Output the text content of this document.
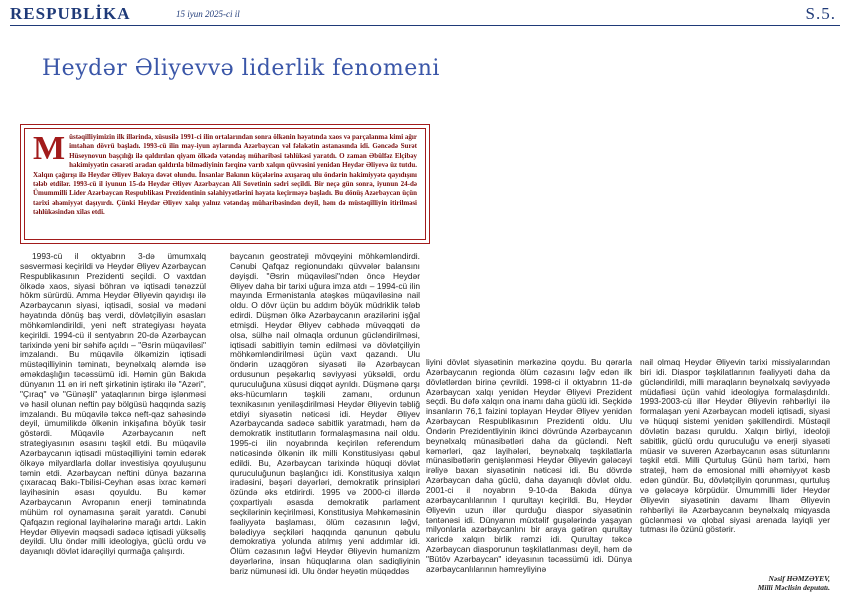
RESPUBLİKA	15 iyun 2025-ci il	S.5.
Heydər Əliyevvə liderlik fenomeni
Müstəqilliyimizin ilk illərində, xüsusilə 1991-ci ilin ortalarından sonra ölkənin həyatında xaos və parçalanma kimi ağır imtahan dövrü başladı. 1993-cü ilin may-iyun aylarında Azərbaycan vəl fəlakətin astanasında idi. Gəncədə Surət Hüseynovun başçılığı ilə qaldırılan qiyam ölkədə vətəndaş müharibəsi təhlükəsi yaratdı. O zaman Əbülfəz Elçibəy hakimiyyətin cəsarəti aradan qaldırıla bilmədiyinin fərqinə varıb xalqın qüvvəsini yenidən Heydər Əliyevə üz tutdu. Xalqın çağırışı ilə Heydər Əliyev Bakıya dəvət olundu. İnsanlar Bakının küçələrinə axışaraq ulu öndərin hakimiyyətə qayıdışını tələb etdilər. 1993-cü il iyunun 15-də Heydər Əliyev Azərbaycan Ali Sovetinin sədri seçildi. Bir neçə gün sonra, iyunun 24-də Ümummilli Lider Azərbaycan Respublikası Prezidentinin səlahiyyətlərini həyata keçirməyə başladı. Bu dönüş Azərbaycan üçün tarixi əhəmiyyət daşıyırdı. Çünki Heydər Əliyev xalqı yalnız vətəndaş müharibəsindən deyil, həm də müstəqilliyin itirilməsi təhlükəsindən xilas etdi.

1993-cü il oktyabrın 3-də ümumxalq səsverməsi keçirildi və Heydər Əliyev Azərbaycan Respublikasının Prezidenti seçildi. O vaxtdan ölkədə xaos, siyasi böhran və iqtisadi tənəzzül hökm sürürdü. Amma Heydər Əliyevin qayıdışı ilə Azərbaycanın siyasi, iqtisadi, sosial və mədəni həyatında dönüş baş verdi, dövlətçiliyin əsasları möhkəmləndirildi, yeni neft strategiyası həyata keçirildi. 1994-cü il sentyabrın 20-də Azərbaycan tarixində yeni bir səhifə açıldı – "Əsrin müqaviləsi" imzalandı. Bu müqavilə ölkəmizin iqtisadi müstəqilliyinin təminatı, beynəlxalq aləmdə isə əməkdaşlığın təcəssümü idi. Həmin gün Bakıda dünyanın 11 ən iri neft şirkətinin iştirakı ilə "Azəri", "Çıraq" və "Günəşli" yataqlarının birgə işlənməsi və hasil olunan neftin pay bölgüsü haqqında saziş imzalandı. Bu müqavilə təkcə neft-qaz sahəsində deyil, ümumilikdə ölkənin inkişafına böyük təsir göstərdi. Müqavilə Azərbaycanın neft strategiyasının əsasını təşkil etdi. Bu müqavilə Azərbaycanın iqtisadi müstəqilliyini təmin edərək ölkəyə milyardlarla dollar investisiya qoyuluşunu təmin etdi. Azərbaycan neftini dünya bazarına çıxaracaq Bakı-Tbilisi-Ceyhan əsas ixrac kəməri layihəsinin əsası qoyuldu. Bu kəmər Azərbaycanın Avropanın enerji təminatında mühüm rol oynamasına şərait yaratdı. Cənubi Qafqazın regional layihələrinə marağı artdı. Lakin Heydər Əliyevin məqsədi sadəcə iqtisadi yüksəliş deyildi. Ulu öndər milli ideologiya, güclü ordu və dayanıqlı dövlət idarəçiliyi qurmağa çalışırdı.

baycanın geostrateji mövqeyini möhkəmləndirdi. Cənubi Qafqaz regionundakı qüvvələr balansını dəyişdi. "Əsrin müqaviləsi"ndən öncə Heydər Əliyev daha bir tarixi uğura imza atdı – 1994-cü ilin mayında Ermənistanla atəşkəs müqaviləsinə nail oldu. O dövr üçün bu addım böyük müdriklik tələb edirdi. Düşmən ölkə Azərbaycanın ərazilərini işğal etmişdi. Heydər Əliyev cəbhədə müvəqqəti də olsa, sülhə nail olmaqla ordunun gücləndirilməsi, iqtisadi sabitliyin təmin edilməsi və dövlətçiliyin möhkəmləndirilməsi üçün vaxt qazandı. Ulu öndərin uzaqgörən siyasəti ilə Azərbaycan ordusunun peşəkarlıq səviyyəsi yüksəldi, ordu quruculuğuna xüsusi diqqət ayrıldı. Düşmənə qarşı əks-hücumların təşkili zamanı, ordunun texnikasının yeniləşdirilməsi Heydər Əliyevin təbliğ etdiyi siyasətin nəticəsi idi. Heydər Əliyev Azərbaycanda sadəcə sabitlik yaratmadı, həm də demokratik institutların formalaşmasına nail oldu. 1995-ci ilin noyabrında keçirilən referendum nəticəsində ölkənin ilk milli Konstitusiyası qəbul edildi. Bu, Azərbaycan tarixində hüquqi dövlət quruculuğunun başlanğıcı idi. Konstitusiya xalqın iradəsini, bəşəri dəyərləri, demokratik prinsipləri özündə əks etdirirdi. 1995 və 2000-ci illərdə çoxpartiyalı əsasda demokratik parlament seçkilərinin keçirilməsi, Konstitusiya Məhkəməsinin fəaliyyətə başlaması, ölüm cəzasının ləğvi, bələdiyyə seçkiləri haqqında qanunun qəbulu demokratiya yolunda atılmış yeni addımlar idi. Ölüm cəzasının ləğvi Heydər Əliyevin humanizm dəyərlərinə, insan hüquqlarına olan sadiqliyinin bariz nümunəsi idi. Ulu öndər heyətin müqəddəs

liyini dövlət siyasətinin mərkəzinə qoydu. Bu qərarla Azərbaycanın regionda ölüm cəzasını ləğv edən ilk dövlətlərdən birinə çevrildi. 1998-ci il oktyabrın 11-də Azərbaycan xalqı yenidən Heydər Əliyevi Prezident seçdi. Bu dəfə xalqın ona inamı daha güclü idi. Seçkidə insanların 76,1 faizini toplayan Heydər Əliyev yenidən Azərbaycan Respublikasının Prezidenti oldu. Ulu Öndərin Prezidentliyinin ikinci dövründə Azərbaycanın beynəlxalq münasibətləri daha da gücləndi. Neft kəmərləri, qaz layihələri, beynəlxalq təşkilatlarla münasibətlərin genişlənməsi Heydər Əliyevin gələcəyi irəliyə baxan siyasətinin nəticəsi idi. Bu dövrdə Azərbaycan daha güclü, daha dayanıqlı dövlət oldu. 2001-ci il noyabrın 9-10-da Bakıda dünya azərbaycanlılarının I qurultayı keçirildi. Bu, Heydər Əliyevin uzun illər qurduğu diaspor siyasətinin təntənəsi idi. Dünyanın müxtəlif guşələrində yaşayan milyonlarla azərbaycanlını bir araya gətirən qurultay xaricdə xalqın birlik rəmzi idi. Qurultay təkcə Azərbaycan diasporunun təşkilatlanması deyil, həm də "Bütöv Azərbaycan" ideyasının təcəssümü idi. Dünya azərbaycanlılarının həmreyliyinə

nail olmaq Heydər Əliyevin tarixi missiyalarından biri idi. Diaspor təşkilatlarının fəaliyyəti daha da gücləndirildi, milli maraqların beynəlxalq səviyyədə müdafiəsi üçün vahid ideologiya formalaşdırıldı. 1993-2003-cü illər Heydər Əliyevin rəhbərliyi ilə formalaşan yeni Azərbaycan modeli iqtisadi, siyasi və hüquqi sistemi yenidən şəkillendirdi. Müstəqil dövlətin bazası quruldu. Xalqın birliyi, ideoloji sabitlik, güclü ordu quruculuğu və enerji siyasəti müasir və suveren Azərbaycanın əsas sütunlarını təşkil etdi. Milli Qurtuluş Günü həm tarixi, həm strateji, həm də emosional milli əhəmiyyət kəsb edən gündür. Bu, dövlətçiliyin qorunması, qurtuluş və gələcəyə körpüdür. Ümummilli lider Heydər Əliyevin siyasətinin davamı İlham Əliyevin rəhbərliyi ilə Azərbaycanın beynəlxalq miqyasda güclənməsi və qlobal siyasi arenada layiqli yer tutması ilə özünü göstərir.

Nəsif HƏMZƏYEV,
Milli Məclisin deputatı.
